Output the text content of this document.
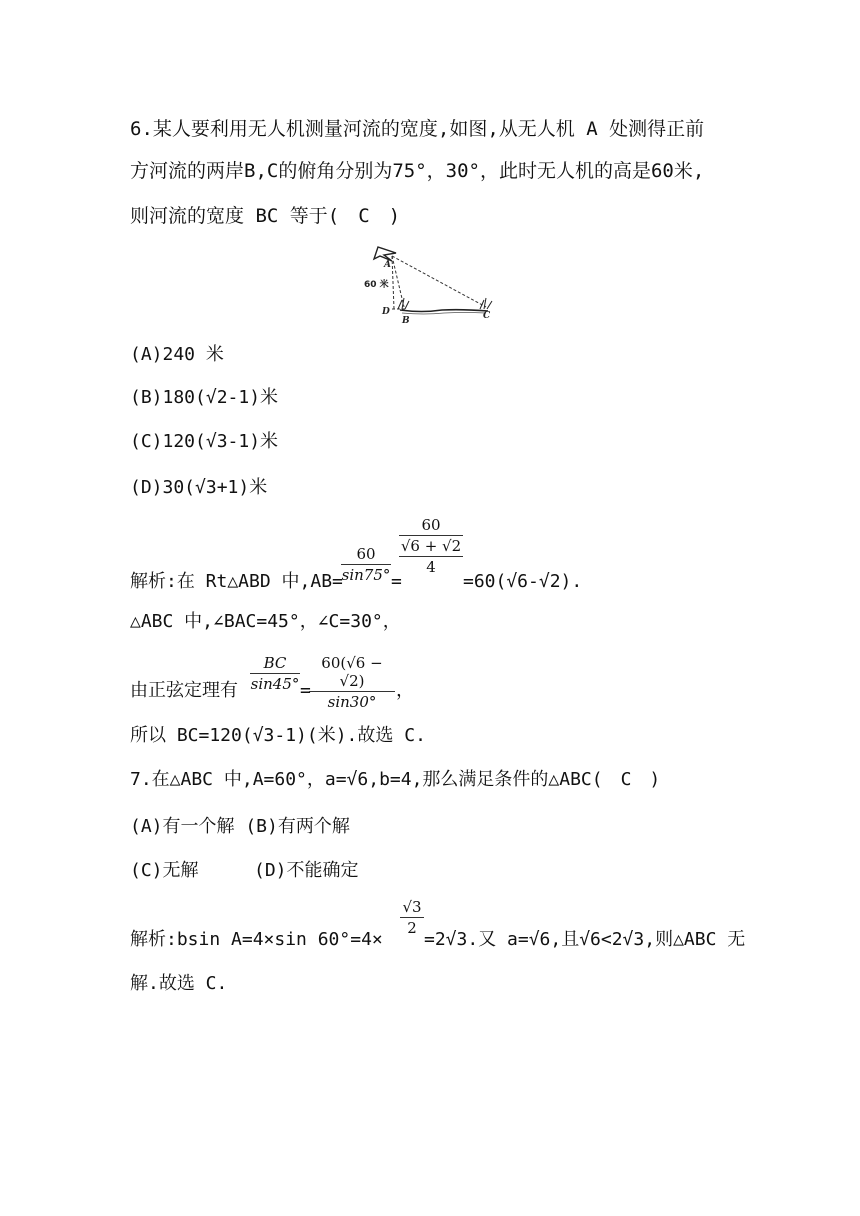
6.某人要利用无人机测量河流的宽度,如图,从无人机 A 处测得正前
方河流的两岸B,C的俯角分别为75°，30°，此时无人机的高是60米,
则河流的宽度 BC 等于(　C　)
A
60 米
D
B	C
(A)240 米
(B)180(√2-1)米
(C)120(√3-1)米
(D)30(√3+1)米
解析:在 Rt△ABD 中,AB=
60
sin75° =
60
√6 + √2
4
=60(√6-√2).
△ABC 中,∠BAC=45°，∠C=30°，
由正弦定理有
BC
sin45° =
60(√6 − √2)
sin30°
，
所以 BC=120(√3-1)(米).故选 C.
7.在△ABC 中,A=60°，a=√6,b=4,那么满足条件的△ABC(　C　)
(A)有一个解 (B)有两个解
(C)无解	(D)不能确定
解析:bsin A=4×sin 60°=4×
√3
2
=2√3.又 a=√6,且√6<2√3,则△ABC 无
解.故选 C.
